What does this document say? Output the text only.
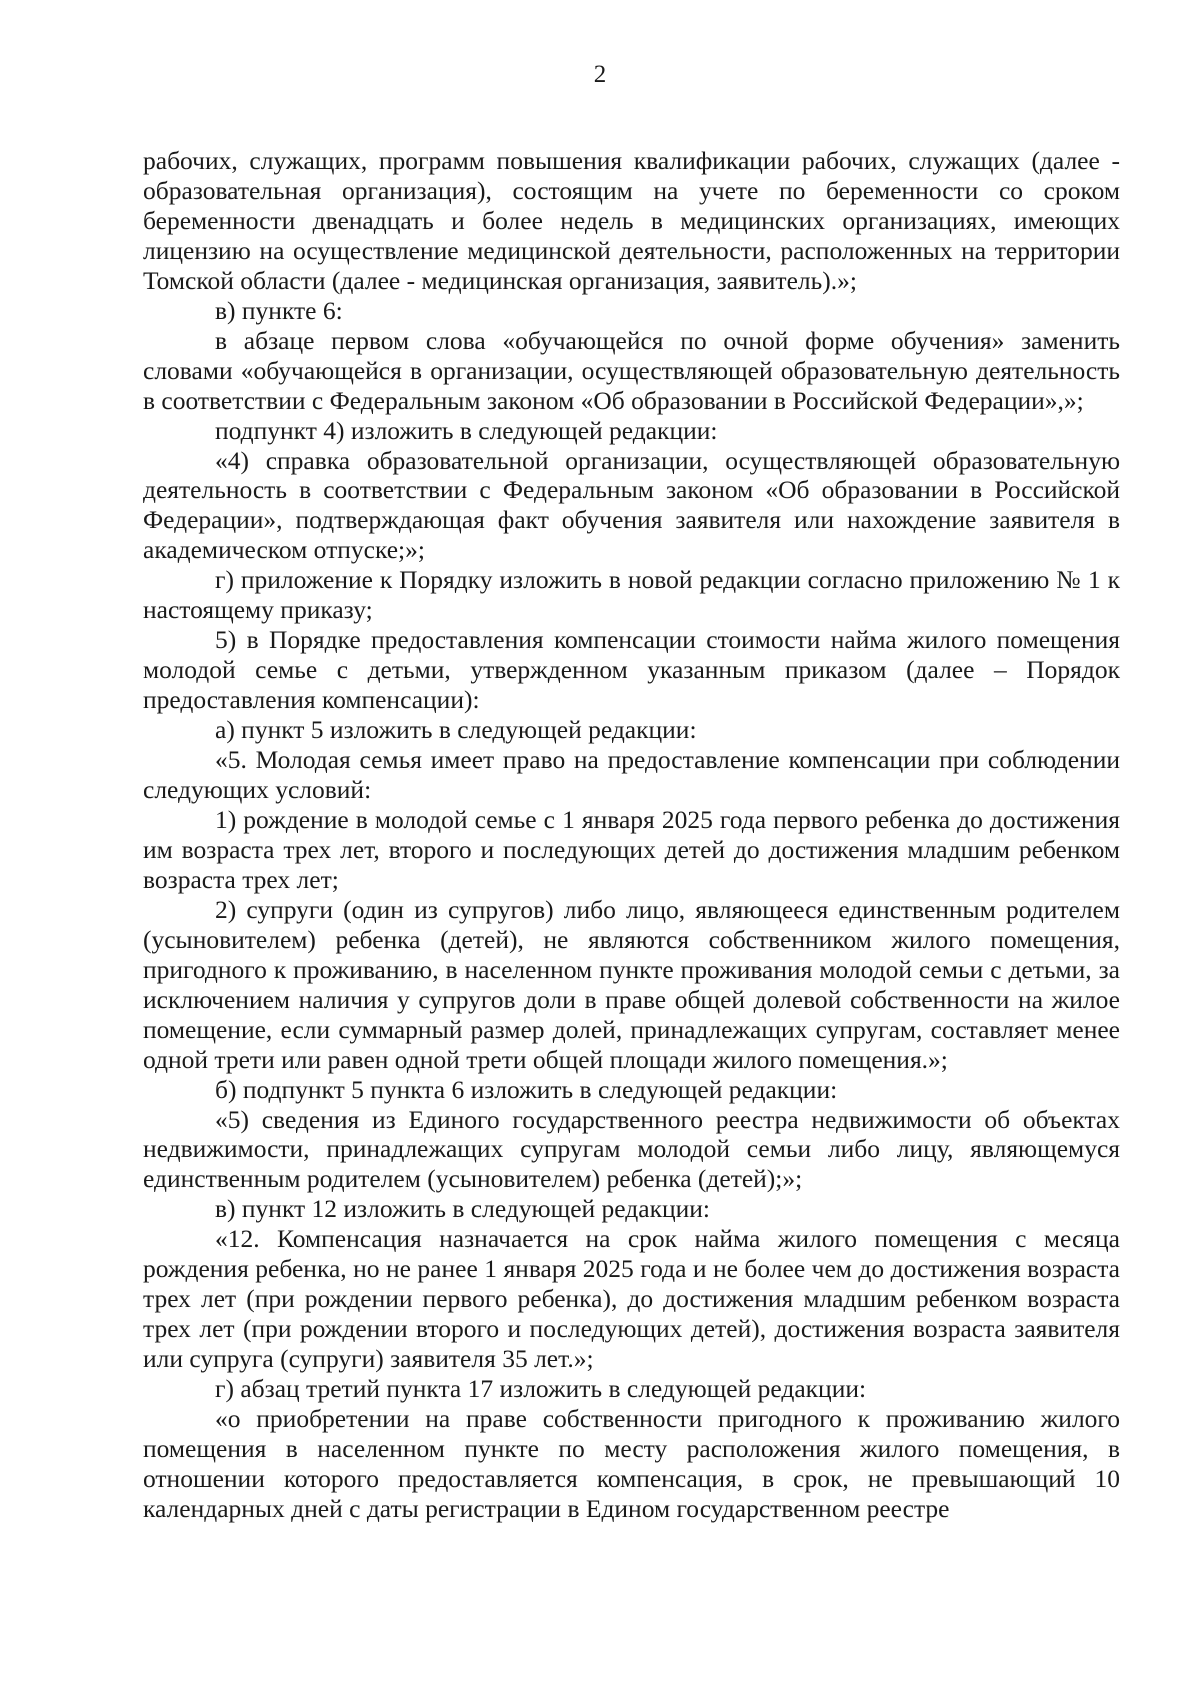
2

рабочих, служащих, программ повышения квалификации рабочих, служащих (далее - образовательная организация), состоящим на учете по беременности со сроком беременности двенадцать и более недель в медицинских организациях, имеющих лицензию на осуществление медицинской деятельности, расположенных на территории Томской области (далее - медицинская организация, заявитель).»;

в) пункте 6:

в абзаце первом слова «обучающейся по очной форме обучения» заменить словами «обучающейся в организации, осуществляющей образовательную деятельность в соответствии с Федеральным законом «Об образовании в Российской Федерации»,»;

подпункт 4) изложить в следующей редакции:

«4) справка образовательной организации, осуществляющей образовательную деятельность в соответствии с Федеральным законом «Об образовании в Российской Федерации», подтверждающая факт обучения заявителя или нахождение заявителя в академическом отпуске;»;

г) приложение к Порядку изложить в новой редакции согласно приложению № 1 к настоящему приказу;

5) в Порядке предоставления компенсации стоимости найма жилого помещения молодой семье с детьми, утвержденном указанным приказом (далее – Порядок предоставления компенсации):

а) пункт 5 изложить в следующей редакции:

«5. Молодая семья имеет право на предоставление компенсации при соблюдении следующих условий:

1) рождение в молодой семье с 1 января 2025 года первого ребенка до достижения им возраста трех лет, второго и последующих детей до достижения младшим ребенком возраста трех лет;

2) супруги (один из супругов) либо лицо, являющееся единственным родителем (усыновителем) ребенка (детей), не являются собственником жилого помещения, пригодного к проживанию, в населенном пункте проживания молодой семьи с детьми, за исключением наличия у супругов доли в праве общей долевой собственности на жилое помещение, если суммарный размер долей, принадлежащих супругам, составляет менее одной трети или равен одной трети общей площади жилого помещения.»;

б) подпункт 5 пункта 6 изложить в следующей редакции:

«5) сведения из Единого государственного реестра недвижимости об объектах недвижимости, принадлежащих супругам молодой семьи либо лицу, являющемуся единственным родителем (усыновителем) ребенка (детей);»;

в) пункт 12 изложить в следующей редакции:

«12. Компенсация назначается на срок найма жилого помещения с месяца рождения ребенка, но не ранее 1 января 2025 года и не более чем до достижения возраста трех лет (при рождении первого ребенка), до достижения младшим ребенком возраста трех лет (при рождении второго и последующих детей), достижения возраста заявителя или супруга (супруги) заявителя 35 лет.»;

г) абзац третий пункта 17 изложить в следующей редакции:

«о приобретении на праве собственности пригодного к проживанию жилого помещения в населенном пункте по месту расположения жилого помещения, в отношении которого предоставляется компенсация, в срок, не превышающий 10 календарных дней с даты регистрации в Едином государственном реестре
